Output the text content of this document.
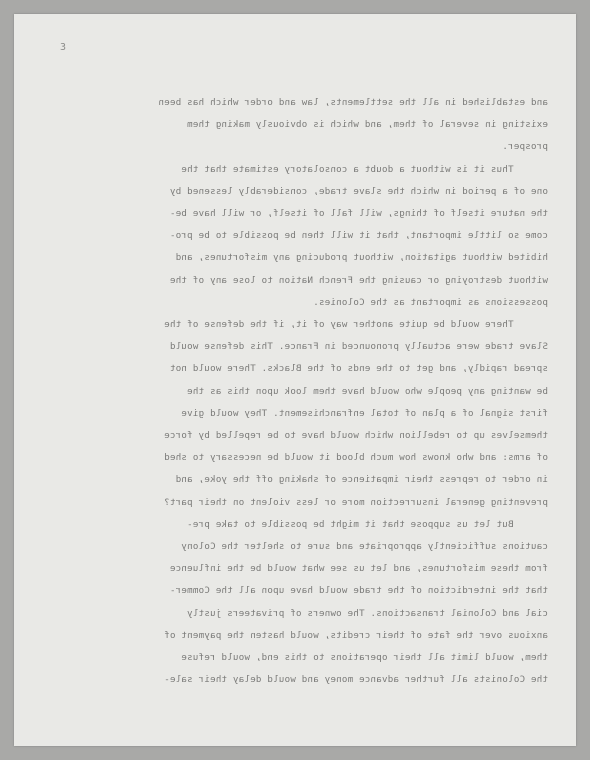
3
and established in all the settlements, law and order which has been
existing in several of them, and which is obviously making them
prosper.
Thus it is without a doubt a consolatory estimate that the
one of a period in which the slave trade, considerably lessened by
the nature itself of things, will fall of itself, or will have be-
come so little important, that it will then be possible to be pro-
hibited without agitation, without producing any misfortunes, and
without destroying or causing the French Nation to lose any of the
possessions as important as the Colonies.
There would be quite another way of it, if the defense of the
Slave trade were actually pronounced in France. This defense would
spread rapidly, and get to the ends of the Blacks. There would not
be wanting any people who would have them look upon this as the
first signal of a plan of total enfranchisement. They would give
themselves up to rebellion which would have to be repelled by force
of arms: and who knows how much blood it would be necessary to shed
in order to repress their impatience of shaking off the yoke, and
preventing general insurrection more or less violent on their part?
But let us suppose that it might be possible to take pre-
cautions sufficiently appropriate and sure to shelter the Colony
from these misfortunes, and let us see what would be the influence
that the interdiction of the trade would have upon all the Commer-
cial and Colonial transactions. The owners of privateers justly
anxious over the fate of their credits, would hasten the payment of
them, would limit all their operations to this end, would refuse
the Colonists all further advance money and would delay their sale-
